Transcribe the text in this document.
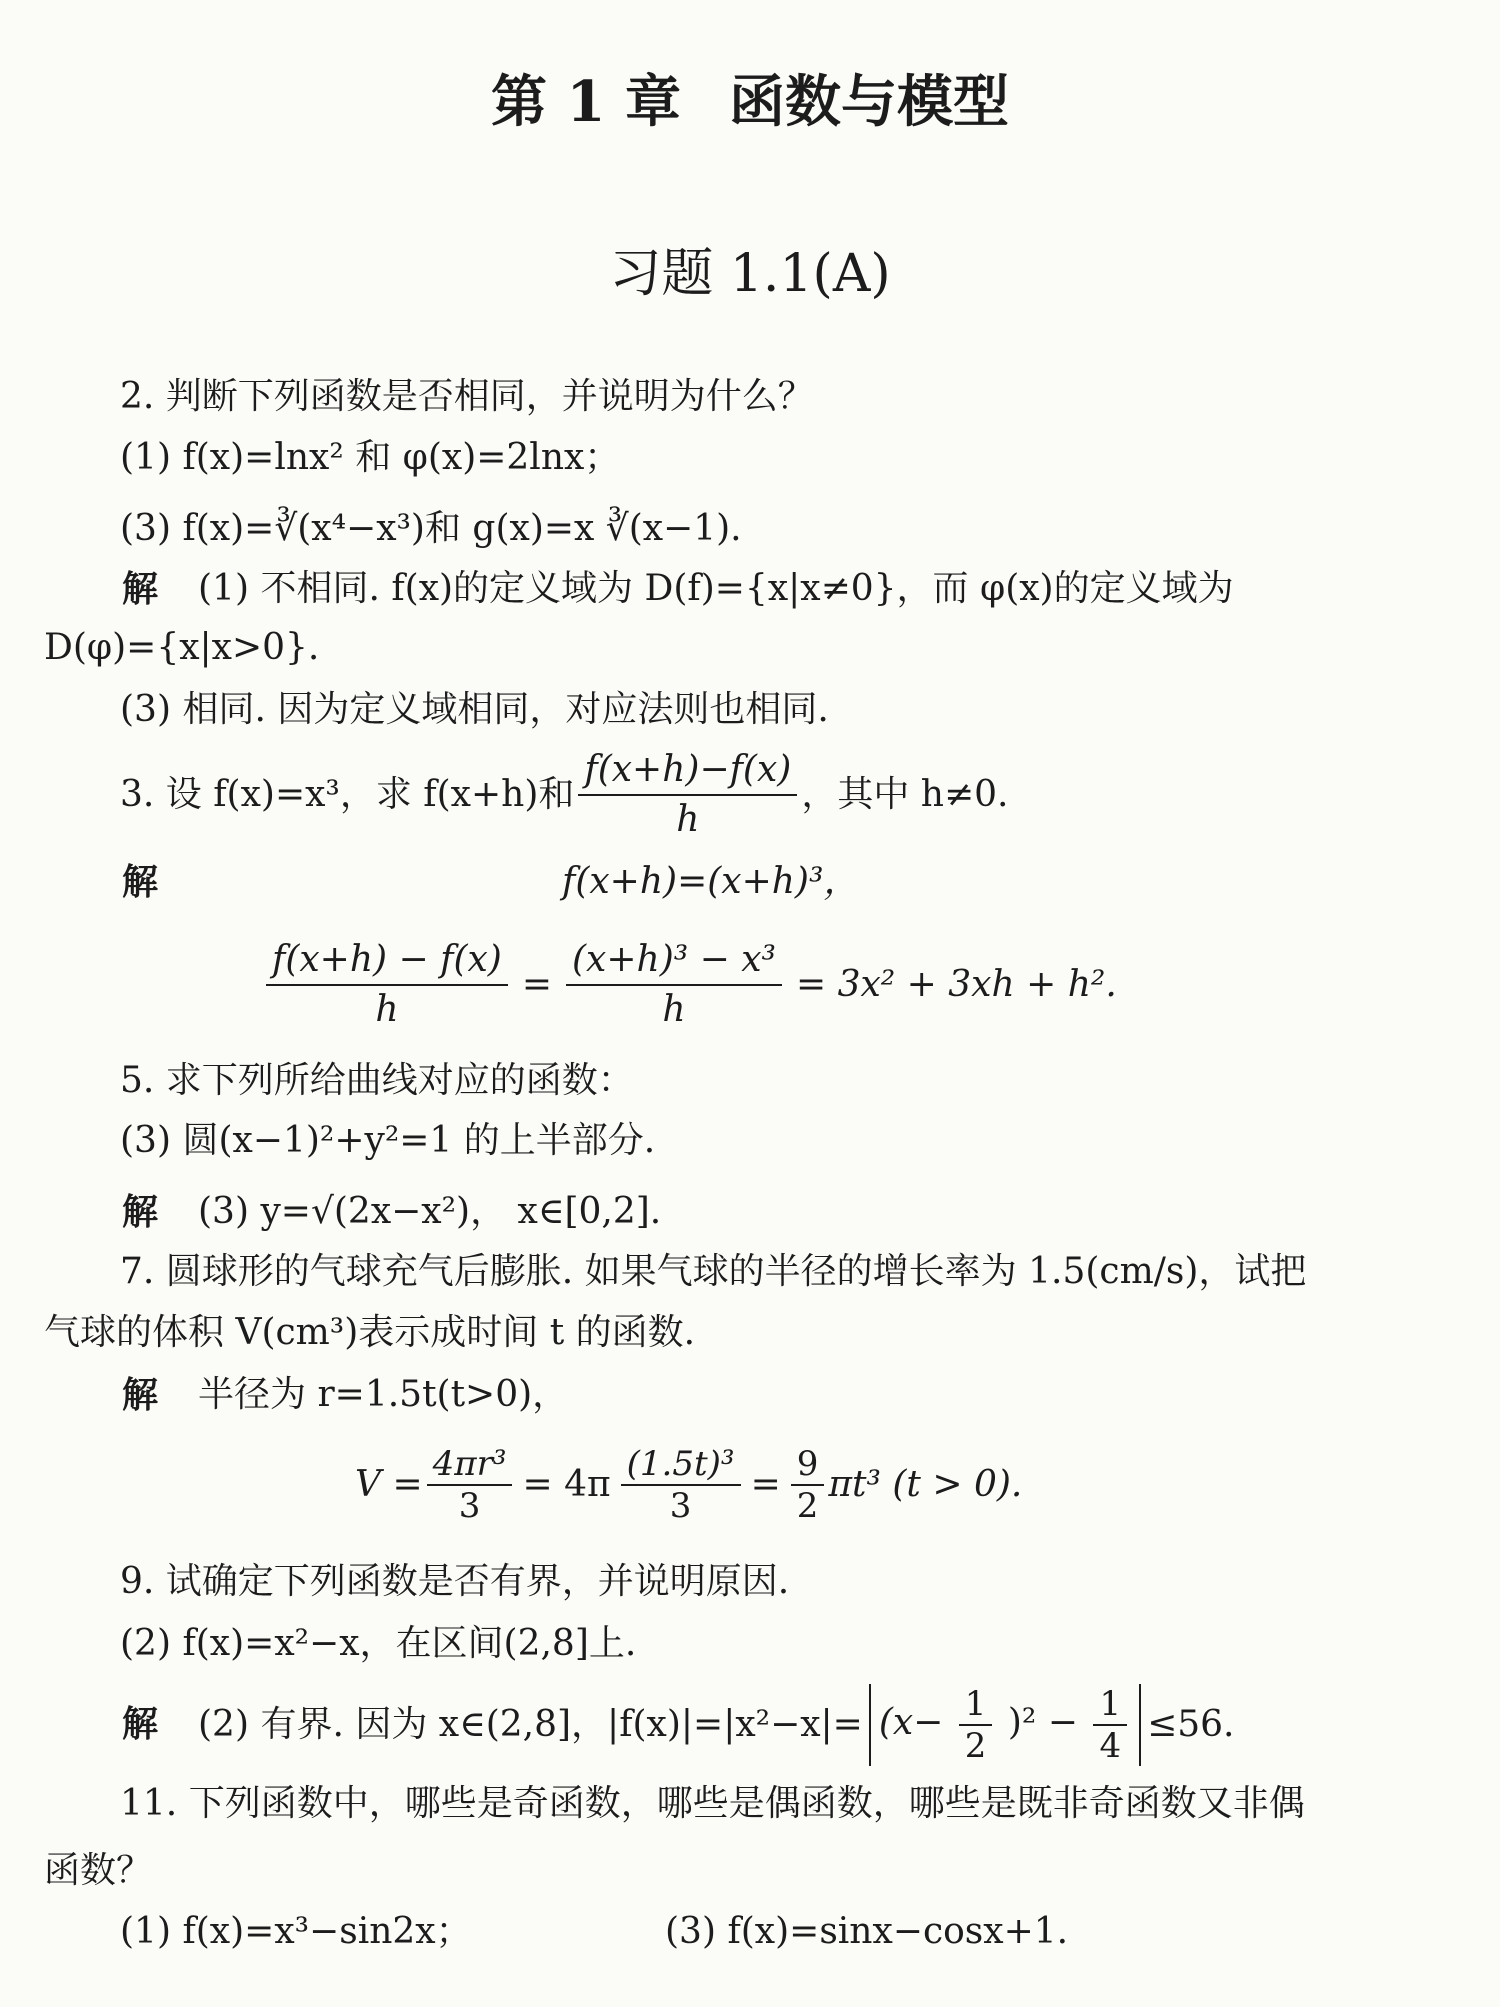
第 1 章 函数与模型
习题 1.1(A)
2. 判断下列函数是否相同，并说明为什么？
(1) f(x)=lnx² 和 φ(x)=2lnx；
(3) f(x)=∛(x⁴−x³)和 g(x)=x ∛(x−1).
解 (1) 不相同. f(x)的定义域为 D(f)={x|x≠0}，而 φ(x)的定义域为
D(φ)={x|x>0}.
(3) 相同. 因为定义域相同，对应法则也相同.
3. 设 f(x)=x³，求 f(x+h)和 $\frac{f(x+h)-f(x)}{h}$ ，其中 h≠0.
解	f(x+h)=(x+h)³，
$\frac{f(x+h) - f(x)}{h} = \frac{\text{(x+h)³ − x³}}{h} = 3x^2 + 3xh + h^2$.
5. 求下列所给曲线对应的函数：
(3) 圆(x−1)²+y²=1 的上半部分.
解 (3) y=√(2x−x²)， x∈[0,2].
7. 圆球形的气球充气后膨胀. 如果气球的半径的增长率为 1.5(cm/s)，试把
气球的体积 V(cm³)表示成时间 t 的函数.
解 半径为 r=1.5t(t>0)，
$V = \frac{\text{4πr³}}{3} = 4\pi \frac{\text{(1.5t)³}}{3} = \frac{9}{2} \pi t^3$ (t > 0).
9. 试确定下列函数是否有界，并说明原因.
(2) f(x)=x²−x，在区间(2,8]上.
解 (2) 有界. 因为 x∈(2,8]，$|f(x)|=|x^2-x|= (x- \frac{1}{2} )^2 - \frac{1}{4} \le 56$.
11. 下列函数中，哪些是奇函数，哪些是偶函数，哪些是既非奇函数又非偶
函数？
(1) f(x)=x³−sin2x；	(3) f(x)=sinx−cosx+1.
